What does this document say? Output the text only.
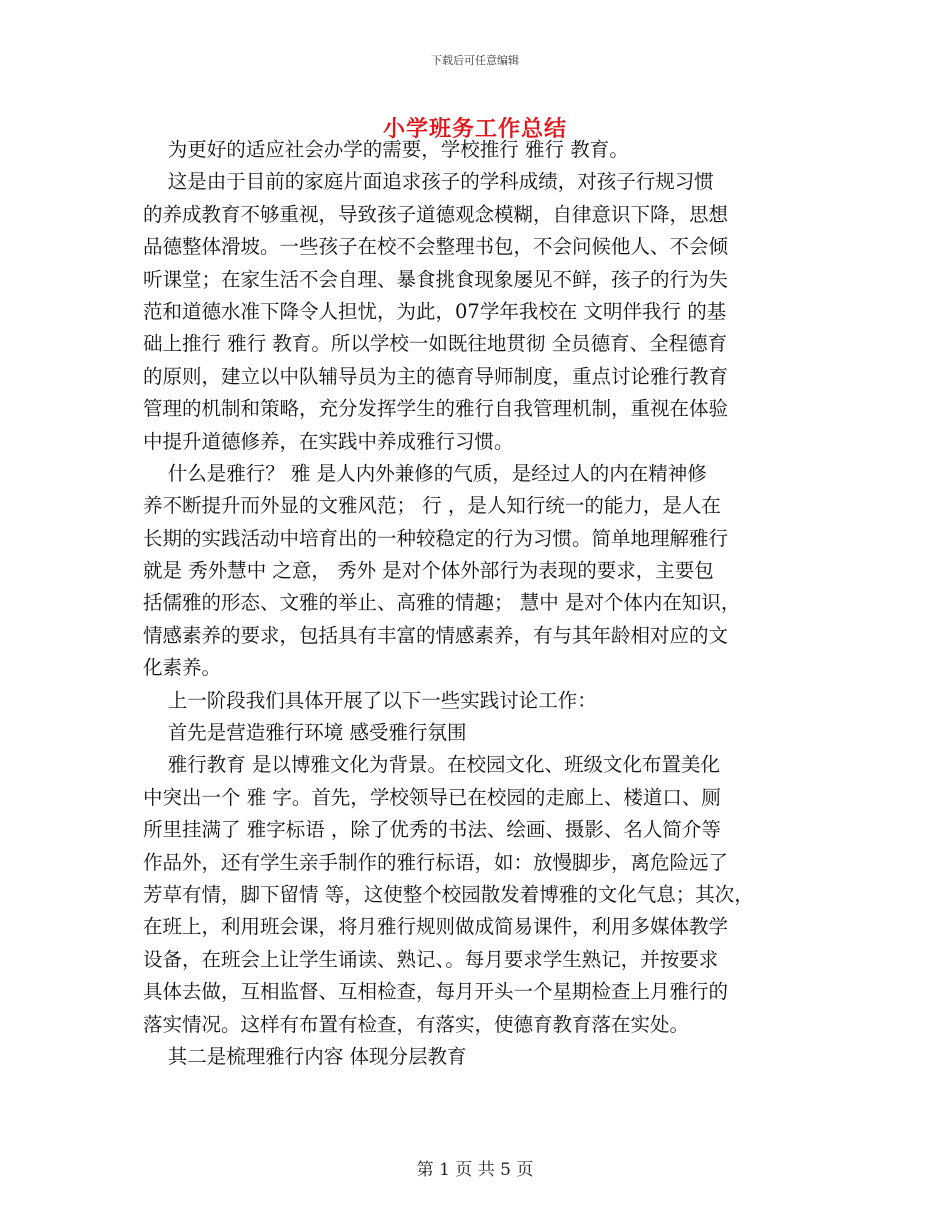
下载后可任意编辑
小学班务工作总结
为更好的适应社会办学的需要，学校推行 雅行 教育。
这是由于目前的家庭片面追求孩子的学科成绩，对孩子行规习惯
的养成教育不够重视，导致孩子道德观念模糊，自律意识下降，思想
品德整体滑坡。一些孩子在校不会整理书包，不会问候他人、不会倾
听课堂；在家生活不会自理、暴食挑食现象屡见不鲜，孩子的行为失
范和道德水准下降令人担忧，为此，07学年我校在 文明伴我行 的基
础上推行 雅行 教育。所以学校一如既往地贯彻 全员德育、全程德育
的原则，建立以中队辅导员为主的德育导师制度，重点讨论雅行教育
管理的机制和策略，充分发挥学生的雅行自我管理机制，重视在体验
中提升道德修养，在实践中养成雅行习惯。
什么是雅行？ 雅 是人内外兼修的气质，是经过人的内在精神修
养不断提升而外显的文雅风范； 行 ，是人知行统一的能力，是人在
长期的实践活动中培育出的一种较稳定的行为习惯。简单地理解雅行
就是 秀外慧中 之意， 秀外 是对个体外部行为表现的要求，主要包
括儒雅的形态、文雅的举止、高雅的情趣； 慧中 是对个体内在知识，
情感素养的要求，包括具有丰富的情感素养，有与其年龄相对应的文
化素养。
上一阶段我们具体开展了以下一些实践讨论工作：
首先是营造雅行环境 感受雅行氛围
雅行教育 是以博雅文化为背景。在校园文化、班级文化布置美化
中突出一个 雅 字。首先，学校领导已在校园的走廊上、楼道口、厕
所里挂满了 雅字标语 ，除了优秀的书法、绘画、摄影、名人简介等
作品外，还有学生亲手制作的雅行标语，如：放慢脚步，离危险远了
芳草有情，脚下留情 等，这使整个校园散发着博雅的文化气息；其次，
在班上，利用班会课，将月雅行规则做成简易课件，利用多媒体教学
设备，在班会上让学生诵读、熟记、。每月要求学生熟记，并按要求
具体去做，互相监督、互相检查，每月开头一个星期检查上月雅行的
落实情况。这样有布置有检查，有落实，使德育教育落在实处。
其二是梳理雅行内容 体现分层教育
第 1 页 共 5 页
